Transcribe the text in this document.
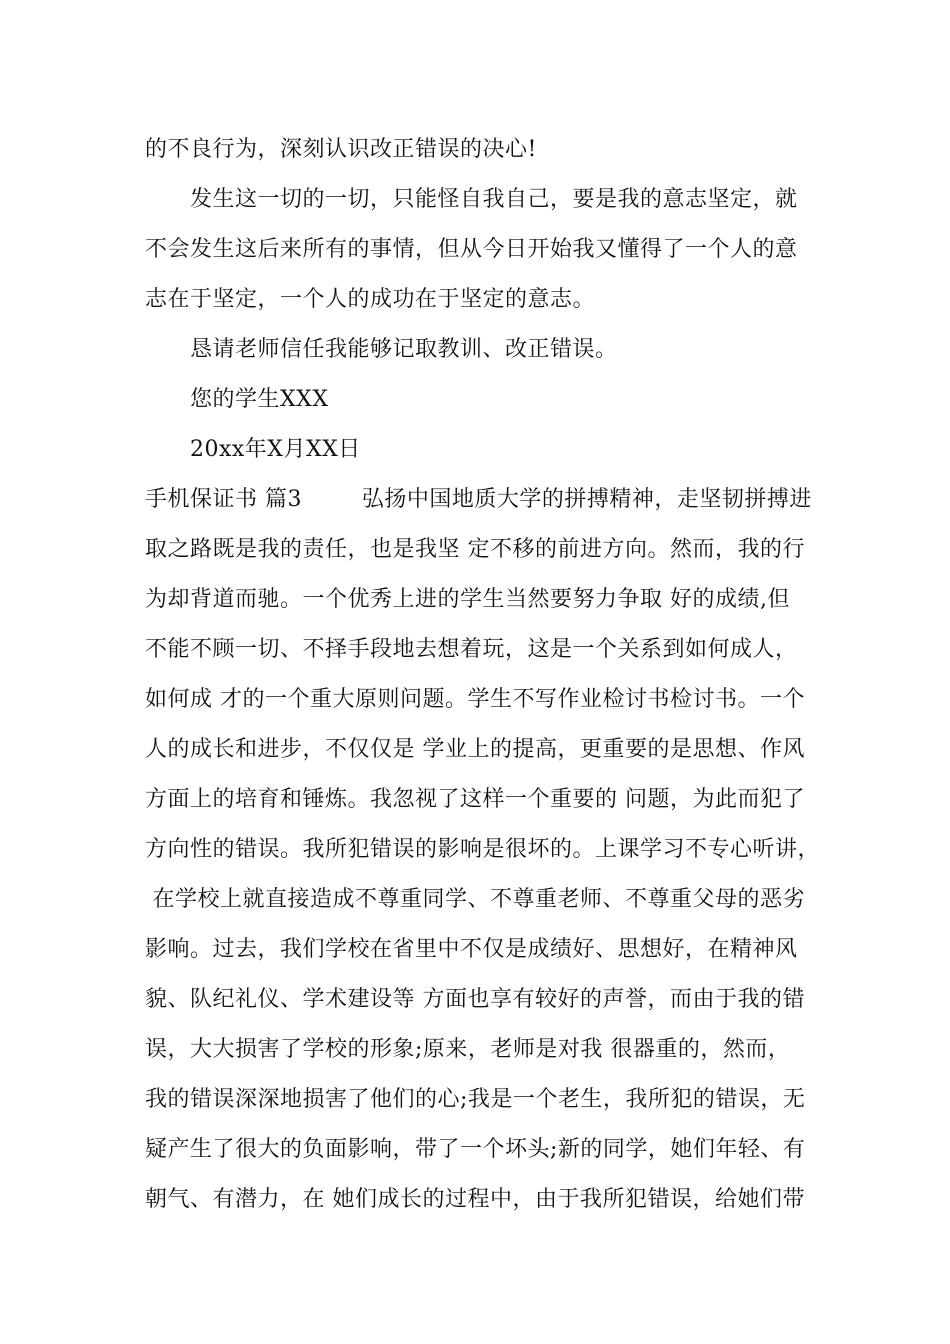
的不良行为，深刻认识改正错误的决心!
发生这一切的一切，只能怪自我自己，要是我的意志坚定，就
不会发生这后来所有的事情，但从今日开始我又懂得了一个人的意
志在于坚定，一个人的成功在于坚定的意志。
恳请老师信任我能够记取教训、改正错误。
您的学生XXX
20xx年X月XX日
手机保证书 篇3        弘扬中国地质大学的拼搏精神，走坚韧拼搏进
取之路既是我的责任，也是我坚 定不移的前进方向。然而，我的行
为却背道而驰。一个优秀上进的学生当然要努力争取 好的成绩,但
不能不顾一切、不择手段地去想着玩，这是一个关系到如何成人，
如何成 才的一个重大原则问题。学生不写作业检讨书检讨书。一个
人的成长和进步，不仅仅是 学业上的提高，更重要的是思想、作风
方面上的培育和锤炼。我忽视了这样一个重要的 问题，为此而犯了
方向性的错误。我所犯错误的影响是很坏的。上课学习不专心听讲，
在学校上就直接造成不尊重同学、不尊重老师、不尊重父母的恶劣
影响。过去，我们学校在省里中不仅是成绩好、思想好，在精神风
貌、队纪礼仪、学术建设等 方面也享有较好的声誉，而由于我的错
误，大大损害了学校的形象;原来，老师是对我 很器重的，然而，
我的错误深深地损害了他们的心;我是一个老生，我所犯的错误，无
疑产生了很大的负面影响，带了一个坏头;新的同学，她们年轻、有
朝气、有潜力，在 她们成长的过程中，由于我所犯错误，给她们带
